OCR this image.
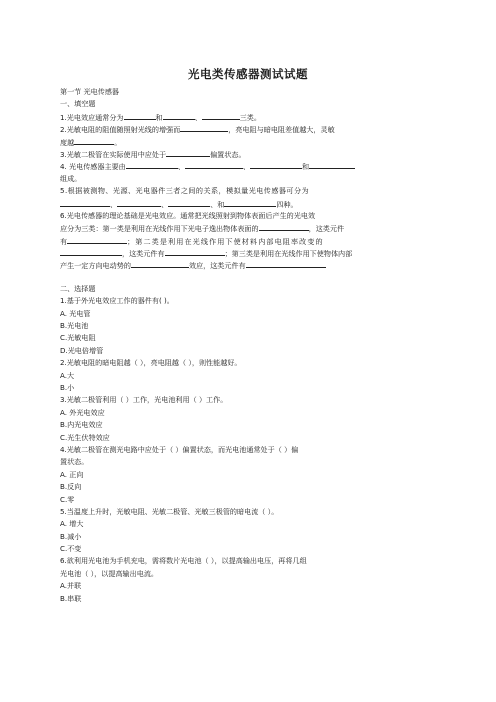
光电类传感器测试试题
第一节 光电传感器
一、填空题
1.光电效应通常分为	和	、	三类。
2.光敏电阻的阻值随照射光线的增强而	，亮电阻与暗电阻差值越大，灵敏
度越	。
3.光敏二极管在实际使用中应处于	偏置状态。
4. 光电传感器主要由	、	、	和
组成。
5.根据被测物、光源、光电器件三者之间的关系，模拟量光电传感器可分为
、	、	、和	四种。
6.光电传感器的理论基础是光电效应。通常把光线照射到物体表面后产生的光电效
应分为三类：第一类是利用在光线作用下光电子逸出物体表面的	，这类元件
有	；第二类是利用在光线作用下使材料内部电阻率改变的
，这类元件有	；第三类是利用在光线作用下使物体内部
产生一定方向电动势的	效应，这类元件有
二、选择题
1.基于外光电效应工作的器件有( )。
A. 光电管
B.光电池
C.光敏电阻
D.光电倍增管
2.光敏电阻的暗电阻越（ ），亮电阻越（ ），则性能越好。
A.大
B.小
3.光敏二极管利用（ ）工作，光电池利用（ ）工作。
A. 外光电效应
B.内光电效应
C.光生伏特效应
4.光敏二极管在测光电路中应处于（ ）偏置状态，而光电池通常处于（ ）偏
置状态。
A. 正向
B.反向
C.零
5.当温度上升时，光敏电阻、光敏二极管、光敏三极管的暗电流（ ）。
A. 增大
B.减小
C.不变
6.欲利用光电池为手机充电，需将数片光电池（ ），以提高输出电压，再将几组
光电池（ ），以提高输出电流。
A.并联
B.串联
